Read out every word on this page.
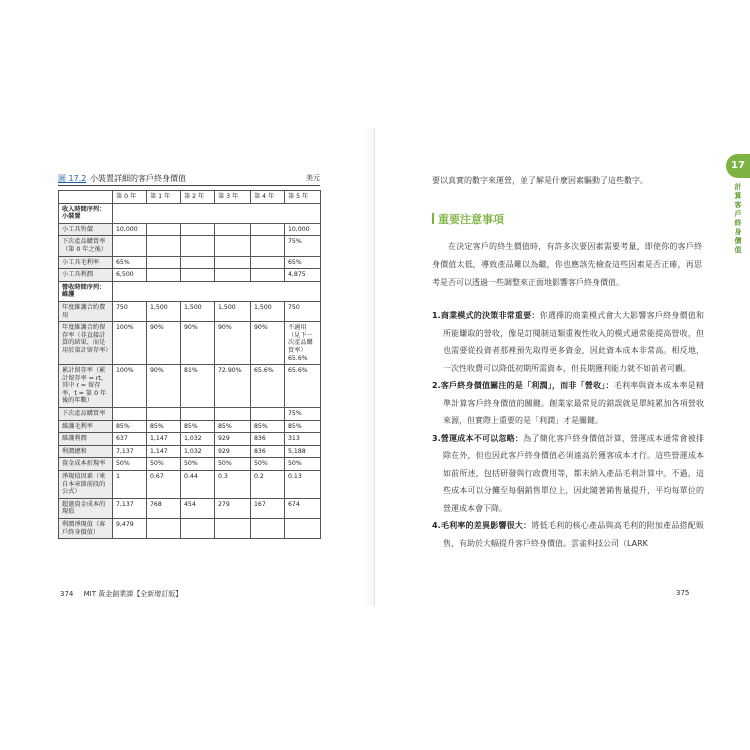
圖 17.2 小裝置詳細的客戶終身價值	美元
	第 0 年	第 1 年	第 2 年	第 3 年	第 4 年	第 5 年
收入時間序列：小裝置						
小工具售價	10,000					10,000
下次產品購買率（第 0 年之後）						75%
小工具毛利率	65%					65%
小工具利潤	6,500					4,875
營收時間序列：維護						
年度維護合約費用	750	1,500	1,500	1,500	1,500	750
年度維護合約留存率（非直接計算的結果，而是用於第計留存率）	100%	90%	90%	90%	90%	不適用（見下一次產品購買率）65.6%
累計留存率（累計留存率 = rt，其中 r = 留存率，t = 第 0 年後的年數）	100%	90%	81%	72.90%	65.6%	65.6%
下次產品購買率						75%
維護毛利率	85%	85%	85%	85%	85%	85%
維護利潤	637	1,147	1,032	929	836	313
利潤總和	7,137	1,147	1,032	929	836	5,188
資金成本折現率	50%	50%	50%	50%	50%	50%
淨現值因素（來自本章節前段的公式）	1	0.67	0.44	0.3	0.2	0.13
超過資金成本的現值	7,137	768	454	279	167	674
利潤淨現值（客戶終身價值）	9,479					
374 MIT 黃金創業課【全新增訂版】
要以真實的數字來運營，並了解是什麼因素驅動了這些數字。
重要注意事項
在決定客戶的終生價值時，有許多次要因素需要考量，即使你的客戶終身價值太低，導致產品難以為繼，你也應該先檢查這些因素是否正確，再思考是否可以透過一些調整來正面地影響客戶終身價值。
1.商業模式的決策非常重要：你選擇的商業模式會大大影響客戶終身價值和所能賺取的營收，像是訂閱制這類重複性收入的模式通常能提高營收，但也需要從投資者那裡預先取得更多資金，因此資本成本非常高。相反地，一次性收費可以降低初期所需資本，但長期獲利能力就不如前者可觀。
2.客戶終身價值關注的是「利潤」，而非「營收」：毛利率與資本成本率是精準計算客戶終身價值的關鍵。創業家最常見的錯誤就是單純累加各項營收來源，但實際上重要的是「利潤」才是關鍵。
3.營運成本不可以忽略：為了簡化客戶終身價值計算，營運成本通常會被排除在外，但也因此客戶終身價值必須遠高於獲客成本才行。這些營運成本如前所述，包括研發與行政費用等，都未納入產品毛利計算中。不過，這些成本可以分攤至每個銷售單位上，因此隨著銷售量提升，平均每單位的營運成本會下降。
4.毛利率的差異影響很大：將低毛利的核心產品與高毛利的附加產品搭配販售，有助於大幅提升客戶終身價值。雲雀科技公司（LARK
17
計算客戶終身價值
375
